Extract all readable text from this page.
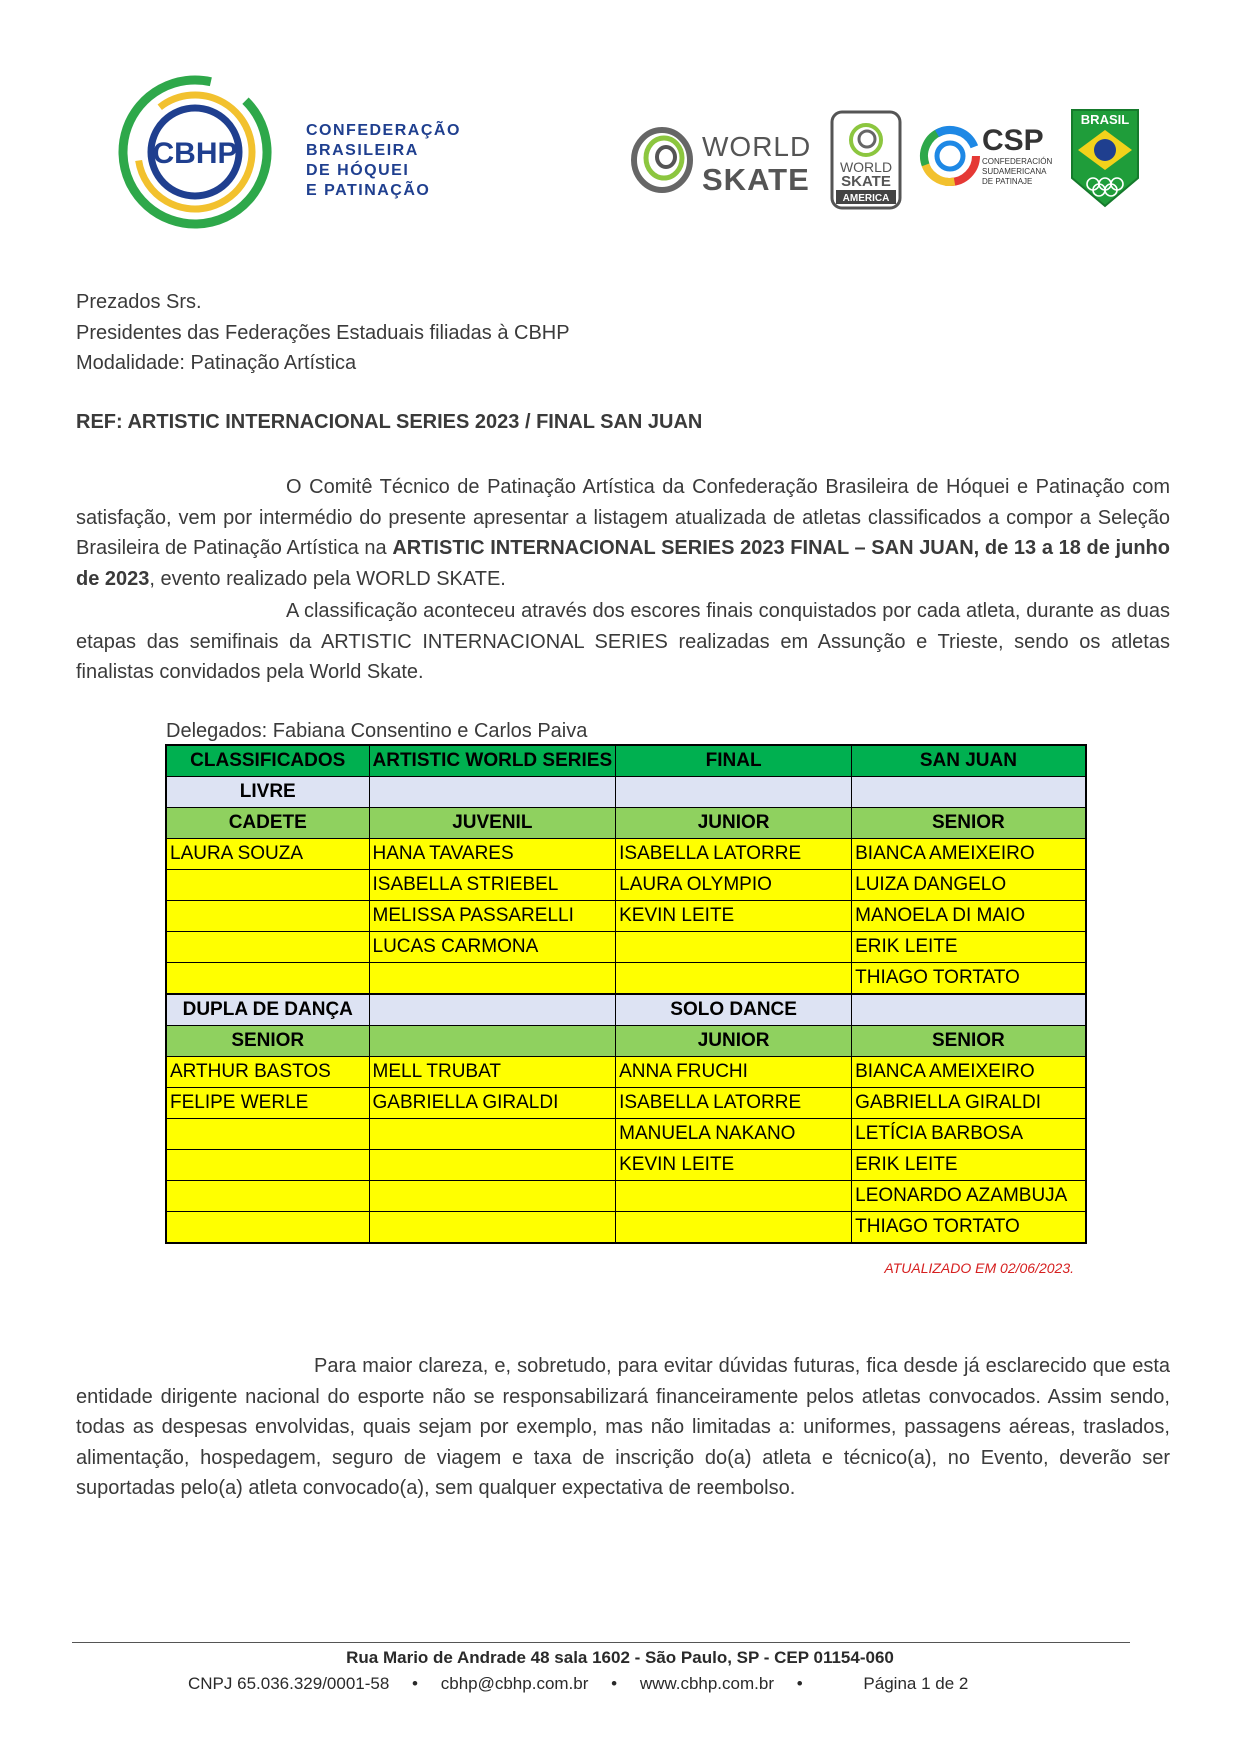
CBHP
CONFEDERAÇÃO
BRASILEIRA
DE HÓQUEI
E PATINAÇÃO
WORLD
SKATE WORLD
SKATE
AMERICA
CSP
CONFEDERACIÓN
SUDAMERICANA
DE PATINAJE
BRASIL
Prezados Srs.
Presidentes das Federações Estaduais filiadas à CBHP
Modalidade: Patinação Artística
REF: ARTISTIC INTERNACIONAL SERIES 2023 / FINAL SAN JUAN
O Comitê Técnico de Patinação Artística da Confederação Brasileira de Hóquei e Patinação com satisfação, vem por intermédio do presente apresentar a listagem atualizada de atletas classificados a compor a Seleção Brasileira de Patinação Artística na ARTISTIC INTERNACIONAL SERIES 2023 FINAL – SAN JUAN, de 13 a 18 de junho de 2023, evento realizado pela WORLD SKATE.
A classificação aconteceu através dos escores finais conquistados por cada atleta, durante as duas etapas das semifinais da ARTISTIC INTERNACIONAL SERIES realizadas em Assunção e Trieste, sendo os atletas finalistas convidados pela World Skate.
Delegados: Fabiana Consentino e Carlos Paiva
CLASSIFICADOS	ARTISTIC WORLD SERIES	FINAL	SAN JUAN
LIVRE			
CADETE	JUVENIL	JUNIOR	SENIOR
LAURA SOUZA	HANA TAVARES	ISABELLA LATORRE	BIANCA AMEIXEIRO
	ISABELLA STRIEBEL	LAURA OLYMPIO	LUIZA DANGELO
	MELISSA PASSARELLI	KEVIN LEITE	MANOELA DI MAIO
	LUCAS CARMONA		ERIK LEITE
			THIAGO TORTATO
DUPLA DE DANÇA		SOLO DANCE	
SENIOR		JUNIOR	SENIOR
ARTHUR BASTOS	MELL TRUBAT	ANNA FRUCHI	BIANCA AMEIXEIRO
FELIPE WERLE	GABRIELLA GIRALDI	ISABELLA LATORRE	GABRIELLA GIRALDI
		MANUELA NAKANO	LETÍCIA BARBOSA
		KEVIN LEITE	ERIK LEITE
			LEONARDO AZAMBUJA
			THIAGO TORTATO
ATUALIZADO EM 02/06/2023.
Para maior clareza, e, sobretudo, para evitar dúvidas futuras, fica desde já esclarecido que esta entidade dirigente nacional do esporte não se responsabilizará financeiramente pelos atletas convocados. Assim sendo, todas as despesas envolvidas, quais sejam por exemplo, mas não limitadas a: uniformes, passagens aéreas, traslados, alimentação, hospedagem, seguro de viagem e taxa de inscrição do(a) atleta e técnico(a), no Evento, deverão ser suportadas pelo(a) atleta convocado(a), sem qualquer expectativa de reembolso.
Rua Mario de Andrade 48 sala 1602 - São Paulo, SP - CEP 01154-060
CNPJ 65.036.329/0001-58 • cbhp@cbhp.com.br • www.cbhp.com.br •	Página 1 de 2
